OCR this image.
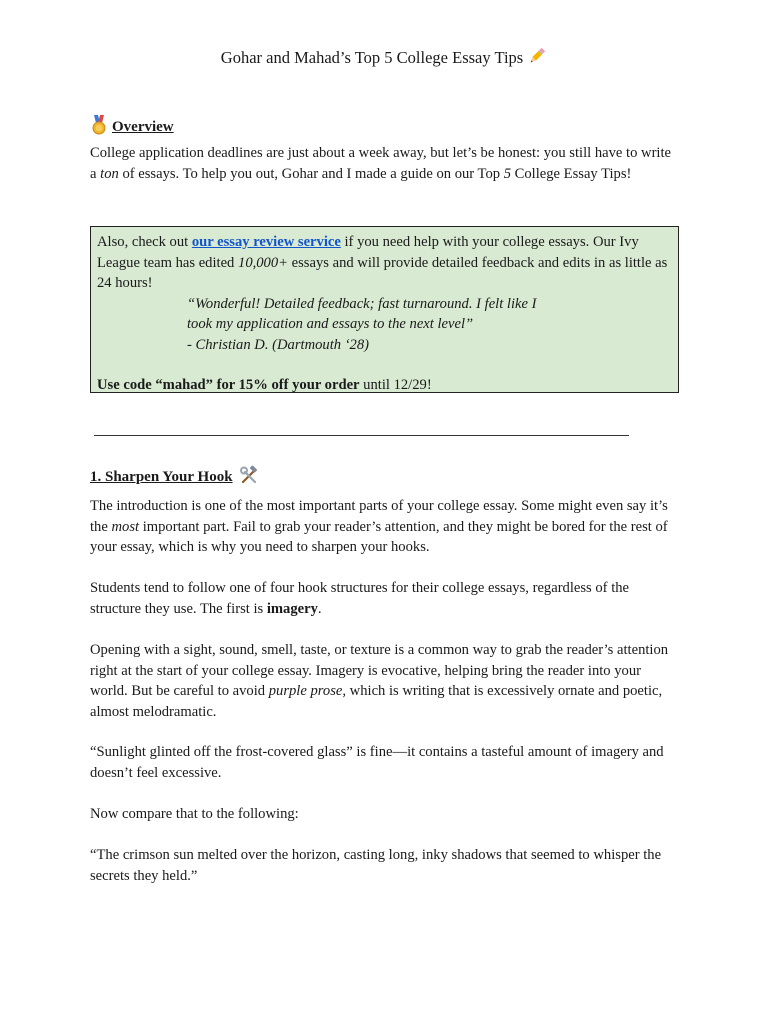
Gohar and Mahad’s Top 5 College Essay Tips
Overview

College application deadlines are just about a week away, but let’s be honest: you still have to write a ton of essays. To help you out, Gohar and I made a guide on our Top 5 College Essay Tips!

Also, check out our essay review service if you need help with your college essays. Our Ivy League team has edited 10,000+ essays and will provide detailed feedback and edits in as little as 24 hours!

“Wonderful! Detailed feedback; fast turnaround. I felt like I

took my application and essays to the next level”

- Christian D. (Dartmouth ‘28)

Use code “mahad” for 15% off your order until 12/29!

1. Sharpen Your Hook

The introduction is one of the most important parts of your college essay. Some might even say it’s the most important part. Fail to grab your reader’s attention, and they might be bored for the rest of your essay, which is why you need to sharpen your hooks.

Students tend to follow one of four hook structures for their college essays, regardless of the structure they use. The first is imagery.

Opening with a sight, sound, smell, taste, or texture is a common way to grab the reader’s attention right at the start of your college essay. Imagery is evocative, helping bring the reader into your world. But be careful to avoid purple prose, which is writing that is excessively ornate and poetic, almost melodramatic.

“Sunlight glinted off the frost-covered glass” is fine—it contains a tasteful amount of imagery and doesn’t feel excessive.

Now compare that to the following:

“The crimson sun melted over the horizon, casting long, inky shadows that seemed to whisper the secrets they held.”
